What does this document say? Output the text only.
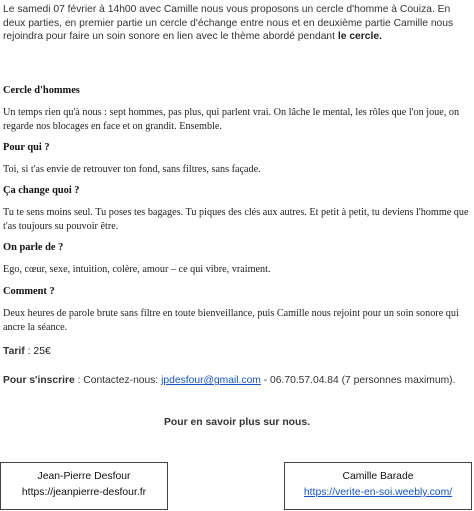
Le samedi 07 février à 14h00 avec Camille nous vous proposons un cercle d'homme à Couiza. En deux parties, en premier partie un cercle d'échange entre nous et en deuxième partie Camille nous rejoindra pour faire un soin sonore en lien avec le thème abordé pendant le cercle.
Cercle d'hommes
Un temps rien qu'à nous : sept hommes, pas plus, qui parlent vrai. On lâche le mental, les rôles que l'on joue, on regarde nos blocages en face et on grandit. Ensemble.
Pour qui ?
Toi, si t'as envie de retrouver ton fond, sans filtres, sans façade.
Ça change quoi ?
Tu te sens moins seul. Tu poses tes bagages. Tu piques des clés aux autres. Et petit à petit, tu deviens l'homme que t'as toujours su pouvoir être.
On parle de ?
Ego, cœur, sexe, intuition, colère, amour – ce qui vibre, vraiment.
Comment ?
Deux heures de parole brute sans filtre en toute bienveillance, puis Camille nous rejoint pour un soin sonore qui ancre la séance.
Tarif : 25€
Pour s'inscrire : Contactez-nous: jpdesfour@gmail.com - 06.70.57.04.84 (7 personnes maximum).
Pour en savoir plus sur nous.
Jean-Pierre Desfour
https://jeanpierre-desfour.fr
Camille Barade
https://verite-en-soi.weebly.com/
